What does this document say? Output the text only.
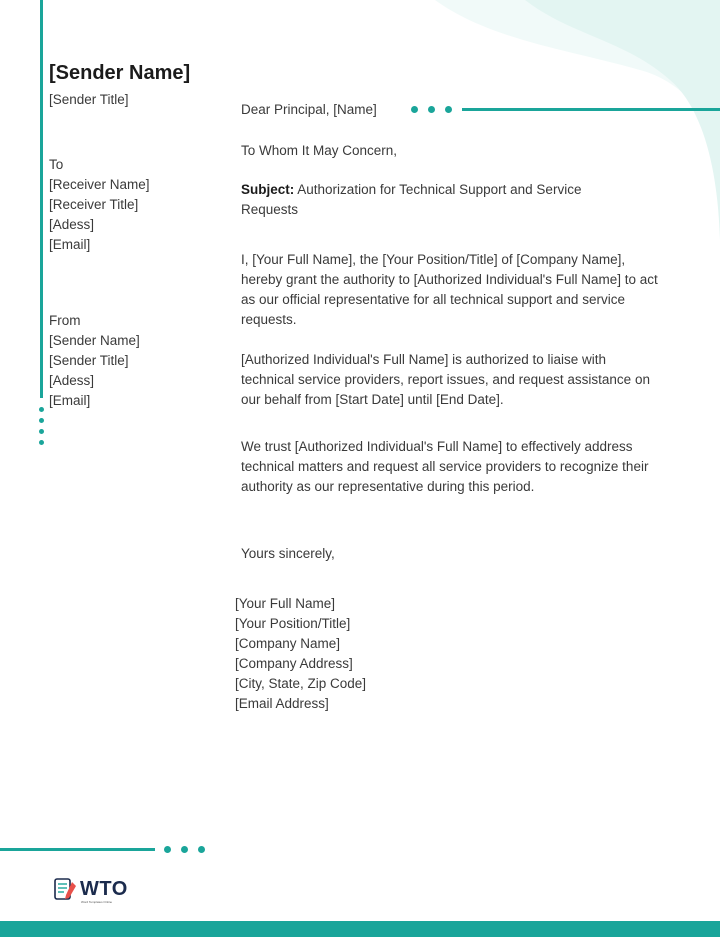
[Sender Name]
[Sender Title]
To
[Receiver Name]
[Receiver Title]
[Adess]
[Email]
From
[Sender Name]
[Sender Title]
[Adess]
[Email]
Dear Principal, [Name]
To Whom It May Concern,

Subject: Authorization for Technical Support and Service Requests

I, [Your Full Name], the [Your Position/Title] of [Company Name], hereby grant the authority to [Authorized Individual's Full Name] to act as our official representative for all technical support and service requests.

[Authorized Individual's Full Name] is authorized to liaise with technical service providers, report issues, and request assistance on our behalf from [Start Date] until [End Date].

We trust [Authorized Individual's Full Name] to effectively address technical matters and request all service providers to recognize their authority as our representative during this period.

Yours sincerely,
[Your Full Name]
[Your Position/Title]
[Company Name]
[Company Address]
[City, State, Zip Code]
[Email Address]
WTO
Word Templates Online
